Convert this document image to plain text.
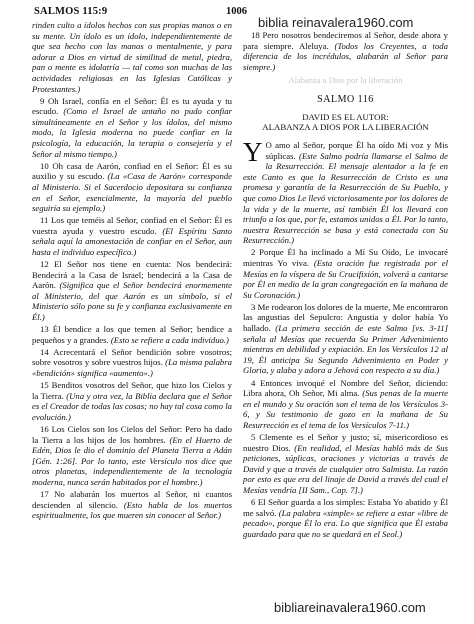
SALMOS 115:9	1006
biblia reinavalera1960.com

rinden culto a ídolos hechos con sus propias manos o en su mente. Un ídolo es un ídolo, independientemente de que sea hecho con las manos o mentalmente, y para adorar a Dios en virtud de similitud de metal, piedra, pan o mente es idolatría — tal como son muchas de las actividades religiosas en las Iglesias Católicas y Protestantes.)

9 Oh Israel, confía en el Señor: Él es tu ayuda y tu escudo. (Como el Israel de antaño no pudo confiar simultáneamente en el Señor y los ídolos, del mismo modo, la Iglesia moderna no puede confiar en la psicología, la educación, la terapia o consejería y el Señor al mismo tiempo.)

10 Oh casa de Aarón, confiad en el Señor: Él es su auxilio y su escudo. (La «Casa de Aarón» corresponde al Ministerio. Si el Sacerdocio depositara su confianza en el Señor, esencialmente, la mayoría del pueblo seguiría su ejemplo.)

11 Los que teméis al Señor, confiad en el Señor: Él es vuestra ayuda y vuestro escudo. (El Espíritu Santo señala aquí la amonestación de confiar en el Señor, aun hasta el individuo específico.)

12 El Señor nos tiene en cuenta: Nos bendecirá: Bendecirá a la Casa de Israel; bendecirá a la Casa de Aarón. (Significa que el Señor bendecirá enormemente al Ministerio, del que Aarón es un símbolo, si el Ministerio sólo pone su fe y confianza exclusivamente en Él.)

13 Él bendice a los que temen al Señor; bendice a pequeños y a grandes. (Esto se refiere a cada individuo.)

14 Acrecentará el Señor bendición sobre vosotros; sobre vosotros y sobre vuestros hijos. (La misma palabra «bendición» significa «aumento».)

15 Benditos vosotros del Señor, que hizo los Cielos y la Tierra. (Una y otra vez, la Biblia declara que el Señor es el Creador de todas las cosas; no hay tal cosa como la evolución.)

16 Los Cielos son los Cielos del Señor: Pero ha dado la Tierra a los hijos de los hombres. (En el Huerto de Edén, Dios le dio el dominio del Planeta Tierra a Adán [Gén. 1:26]. Por lo tanto, este Versículo nos dice que otros planetas, independientemente de la tecnología moderna, nunca serán habitados por el hombre.)

17 No alabarán los muertos al Señor, ni cuantos descienden al silencio. (Esto habla de los muertos espiritualmente, los que mueren sin conocer al Señor.)

18 Pero nosotros bendeciremos al Señor, desde ahora y para siempre. Aleluya. (Todos los Creyentes, a toda diferencia de los incrédulos, alabarán al Señor para siempre.)

Alabanza a Dios por la liberación
SALMO 116
DAVID ES EL AUTOR:
ALABANZA A DIOS POR LA LIBERACIÓN

Y O amo al Señor, porque Él ha oído Mi voz y Mis súplicas. (Este Salmo podría llamarse el Salmo de la Resurrección. El mensaje alentador a la fe en este Canto es que la Resurrección de Cristo es una promesa y garantía de la Resurrección de Su Pueblo, y que como Dios Le llevó victoriosamente por los dolores de la vida y de la muerte, así también Él los llevará con triunfo a los que, por fe, estamos unidos a Él. Por lo tanto, nuestra Resurrección se basa y está conectada con Su Resurrección.)

2 Porque Él ha inclinado a Mí Su Oído, Le invocaré mientras Yo viva. (Esta oración fue registrada por el Mesías en la víspera de Su Crucifixión, volverá a cantarse por Él en medio de la gran congregación en la mañana de Su Coronación.)

3 Me rodearon los dolores de la muerte, Me encontraron las angustias del Sepulcro: Angustia y dolor había Yo hallado. (La primera sección de este Salmo [vs. 3-11] señala al Mesías que recuerda Su Primer Advenimiento mientras en debilidad y expiación. En los Versículos 12 al 19, Él anticipa Su Segundo Advenimiento en Poder y Gloria, y alaba y adora a Jehová con respecto a su día.)

4 Entonces invoqué el Nombre del Señor, diciendo: Libra ahora, Oh Señor, Mi alma. (Sus penas de la muerte en el mundo y Su oración son el tema de los Versículos 3-6, y Su testimonio de gozo en la mañana de Su Resurrección es el tema de los Versículos 7-11.)

5 Clemente es el Señor y justo; sí, misericordioso es nuestro Dios. (En realidad, el Mesías habló más de Sus peticiones, súplicas, oraciones y victorias a través de David y que a través de cualquier otro Salmista. La razón por esto es que era del linaje de David a través del cual el Mesías vendría [II Sam., Cap. 7].)

6 El Señor guarda a los simples: Estaba Yo abatido y Él me salvó. (La palabra «simple» se refiere a estar «libre de pecado», porque Él lo era. Lo que significa que Él estaba guardado para que no se quedará en el Seol.)

bibliareinavalera1960.com
